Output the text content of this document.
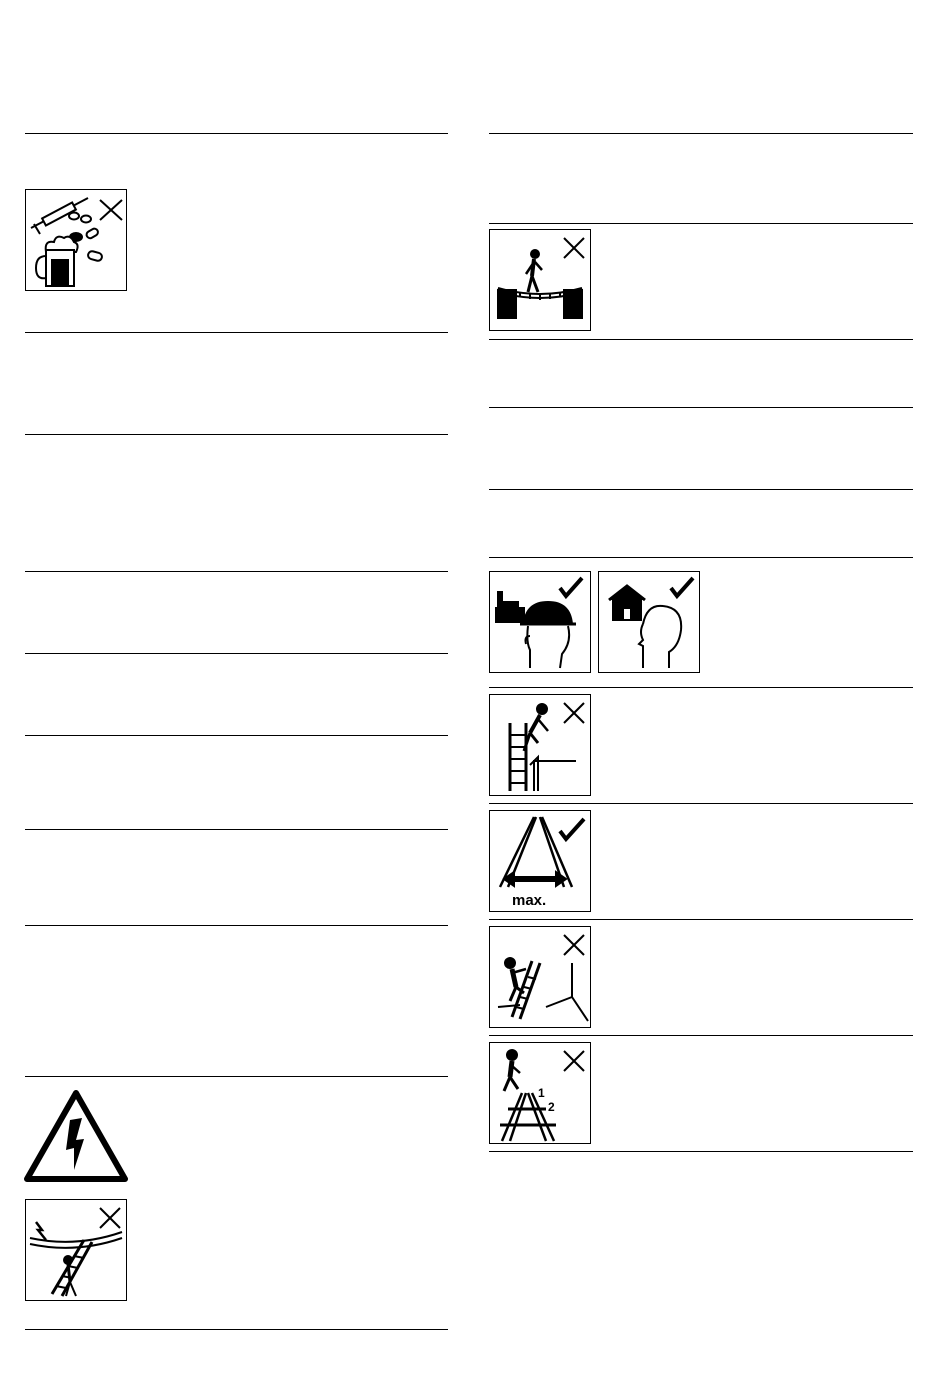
max.
1
2
